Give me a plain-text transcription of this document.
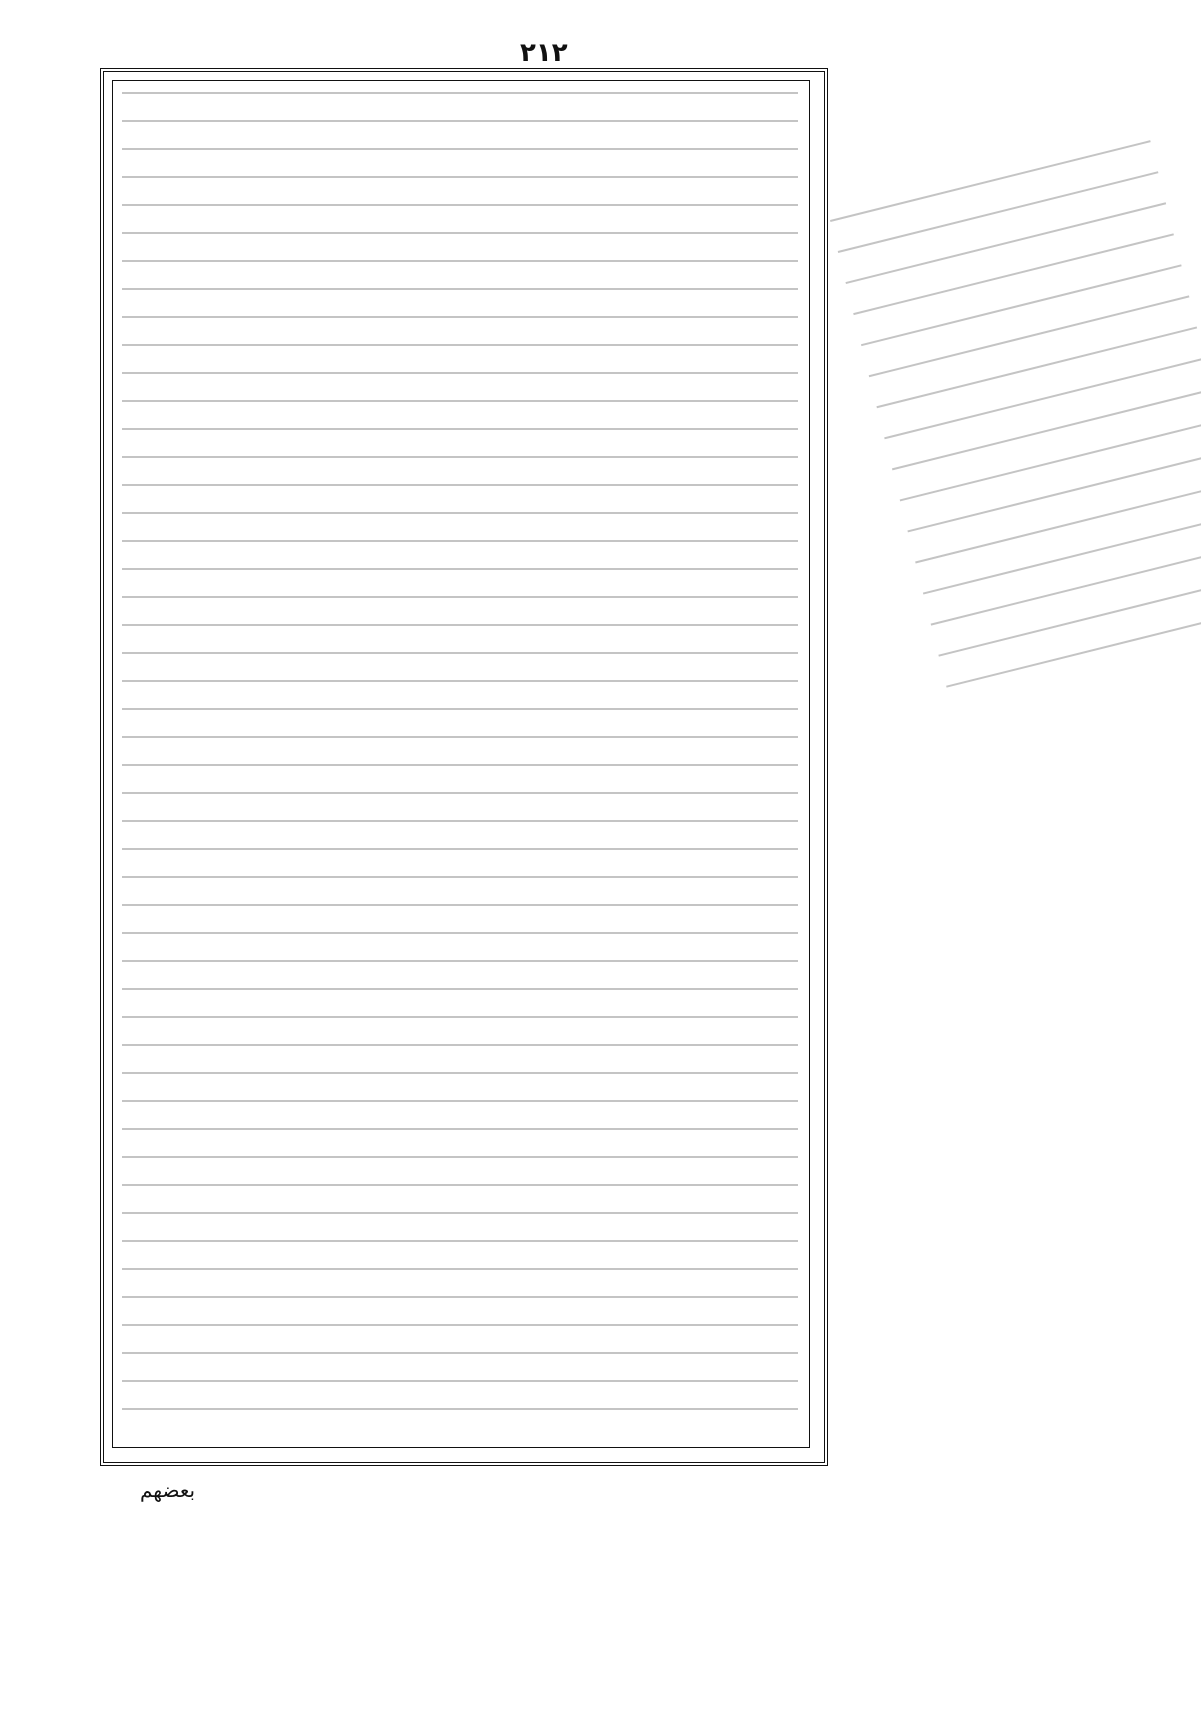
٢١٢
بعضهم
